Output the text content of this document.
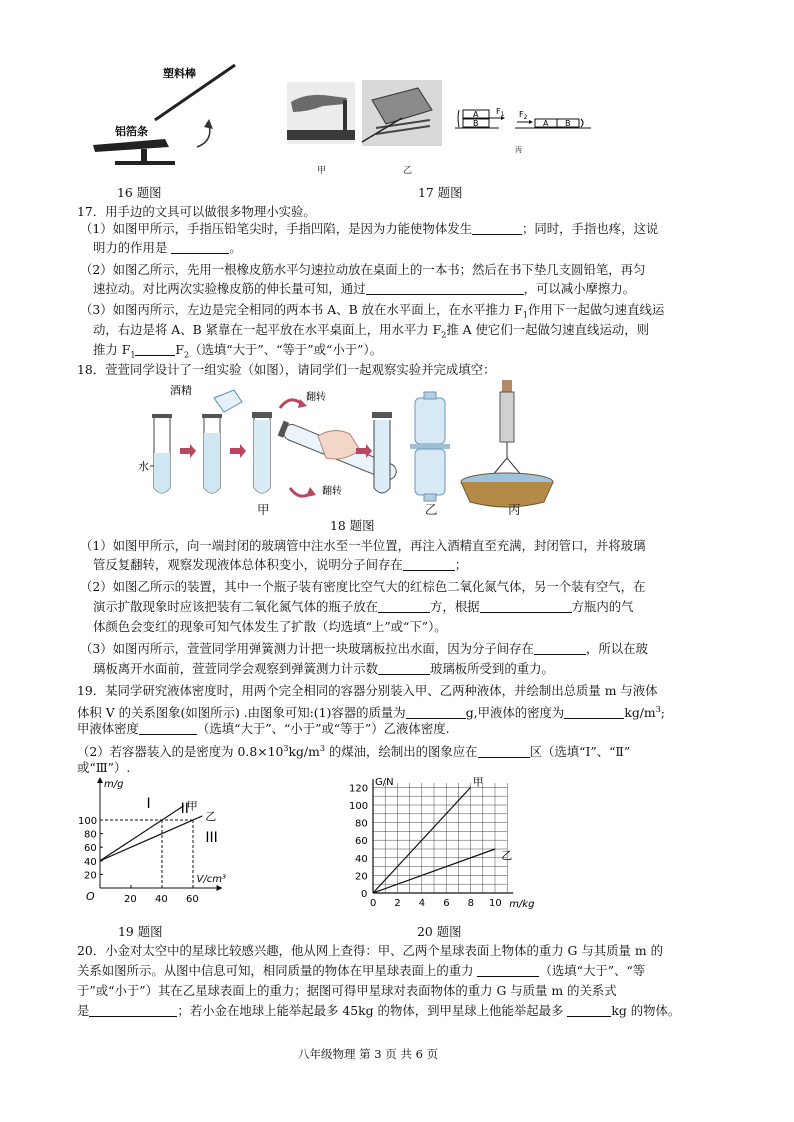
塑料棒
铝箔条
16 题图
甲	乙
A
B
$F_1$ $F_2$
A B
丙
17 题图
17．用手边的文具可以做很多物理小实验。
（1）如图甲所示，手指压铅笔尖时，手指凹陷，是因为力能使物体发生	；同时，手指也疼，这说
明力的作用是	。
（2）如图乙所示，先用一根橡皮筋水平匀速拉动放在桌面上的一本书；然后在书下垫几支圆铅笔，再匀
速拉动。对比两次实验橡皮筋的伸长量可知，通过	，可以减小摩擦力。
（3）如图丙所示，左边是完全相同的两本书 A、B 放在水平面上，在水平推力 $F_1$作用下一起做匀速直线运
动，右边是将 A、B 紧靠在一起平放在水平桌面上，用水平力 $F_2$推 A 使它们一起做匀速直线运动，则
推力 $F_1$	$F_2$（选填“大于”、“等于”或“小于”）。
18．萱萱同学设计了一组实验（如图），请同学们一起观察实验并完成填空：
酒精
水
翻转
翻转
甲	乙	丙
18 题图
（1）如图甲所示，向一端封闭的玻璃管中注水至一半位置，再注入酒精直至充满，封闭管口，并将玻璃
管反复翻转，观察发现液体总体积变小，说明分子间存在	；
（2）如图乙所示的装置，其中一个瓶子装有密度比空气大的红棕色二氧化氮气体，另一个装有空气，在
演示扩散现象时应该把装有二氧化氮气体的瓶子放在	方，根据	方瓶内的气
体颜色会变红的现象可知气体发生了扩散（均选填“上”或“下”）。
（3）如图丙所示，萱萱同学用弹簧测力计把一块玻璃板拉出水面，因为分子间存在	，所以在玻
璃板离开水面前，萱萱同学会观察到弹簧测力计示数	玻璃板所受到的重力。
19．某同学研究液体密度时，用两个完全相同的容器分别装入甲、乙两种液体，并绘制出总质量 m 与液体
体积 V 的关系图象(如图所示) .由图象可知:(1)容器的质量为	g,甲液体的密度为	$kg/m^3$;
甲液体密度	（选填“大于”、“小于”或“等于”）乙液体密度.
（2）若容器装入的是密度为 $0.8\times 10^3kg/m^3$ 的煤油，绘制出的图象应在	区（选填“Ⅰ”、“Ⅱ”
或“Ⅲ”）.
m/g
V/cm³
O	20 40 60
20
40
60
80
100
甲
乙
I II
III
19 题图
G/N
m/kg
0 2 4 6 8 10
0
20
40
60
80
100
120
甲
乙
20 题图
20．小金对太空中的星球比较感兴趣，他从网上查得：甲、乙两个星球表面上物体的重力 G 与其质量 m 的
关系如图所示。从图中信息可知，相同质量的物体在甲星球表面上的重力	（选填“大于”、“等
于”或“小于”）其在乙星球表面上的重力；据图可得甲星球对表面物体的重力 G 与质量 m 的关系式
是	；若小金在地球上能举起最多 45kg 的物体，到甲星球上他能举起最多	kg 的物体。
八年级物理 第 3 页 共 6 页
